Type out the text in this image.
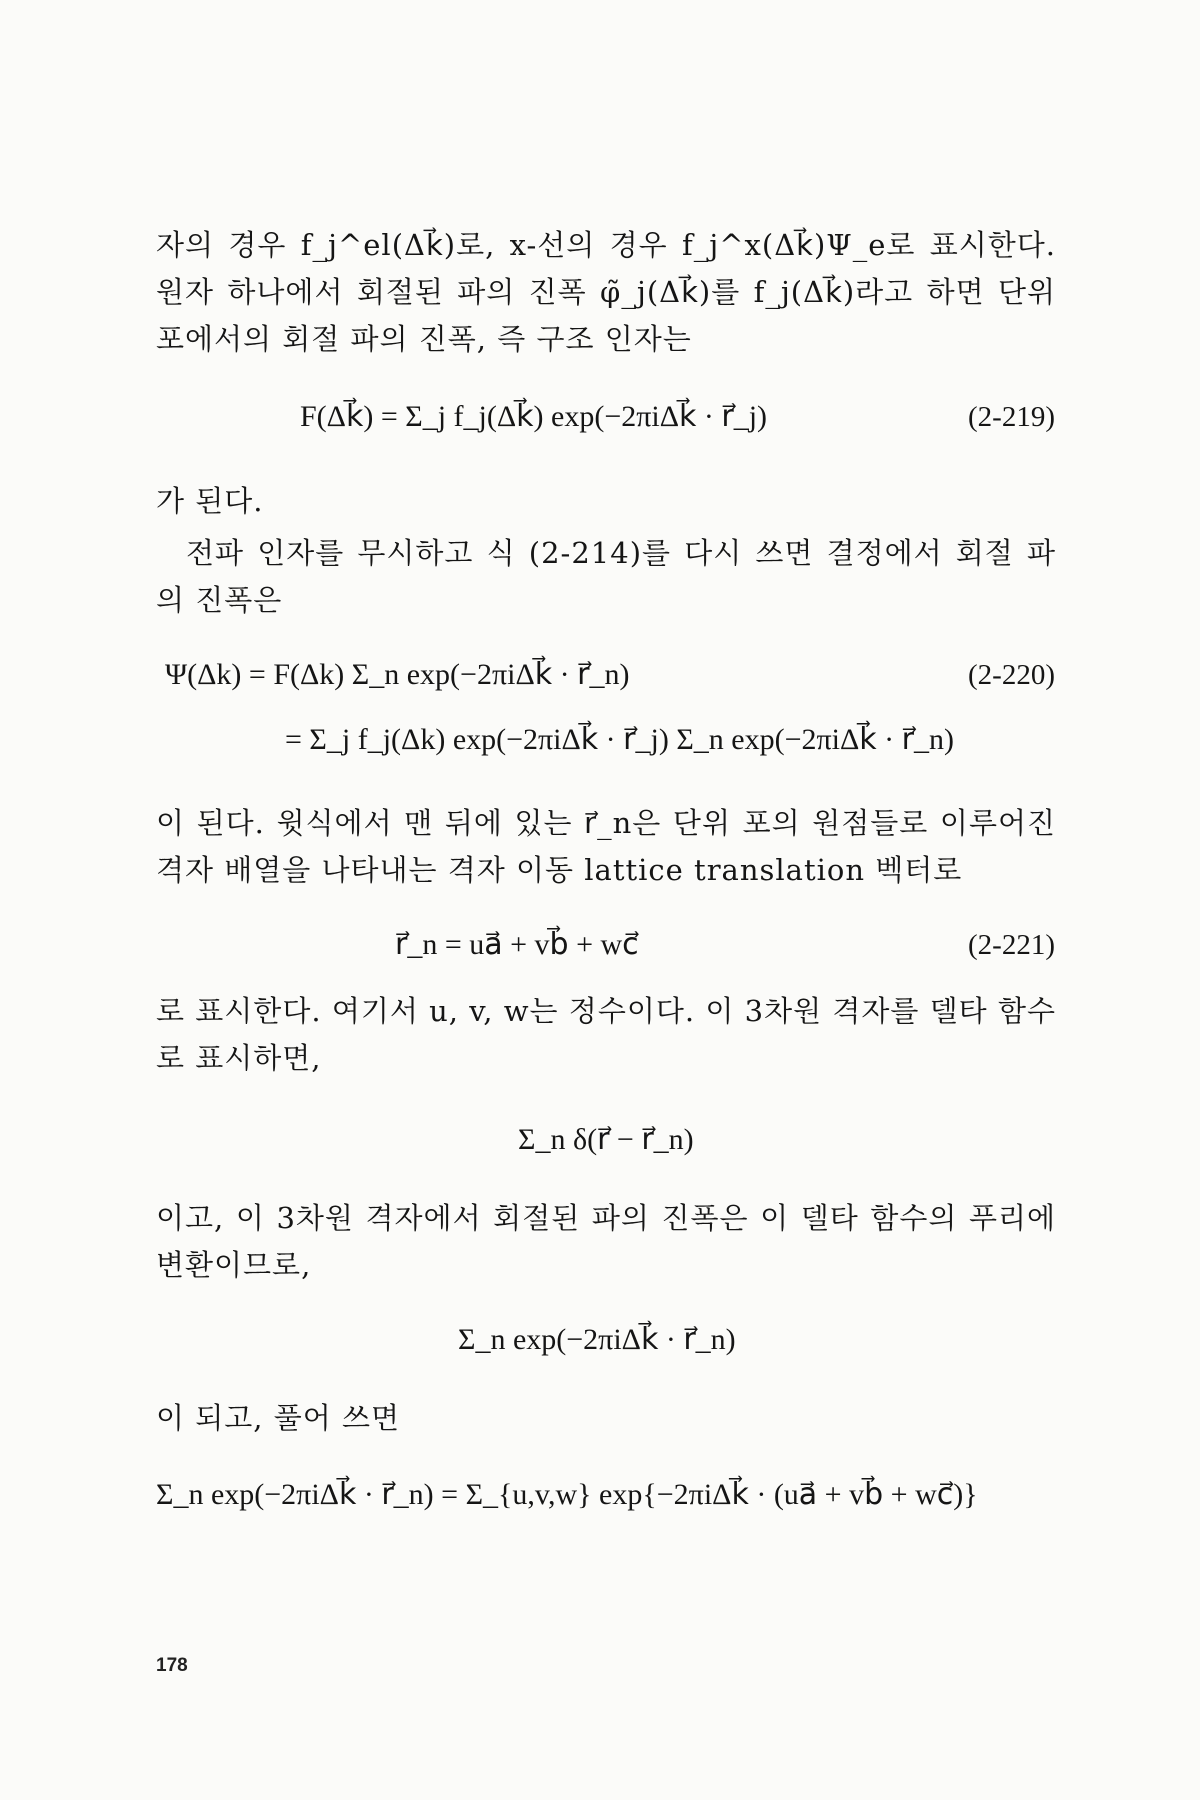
자의 경우 f_j^el(Δk⃗)로, x-선의 경우 f_j^x(Δk⃗)Ψ_e로 표시한다. 원자 하나에서 회절된 파의 진폭 φ̃_j(Δk⃗)를 f_j(Δk⃗)라고 하면 단위 포에서의 회절 파의 진폭, 즉 구조 인자는
F(Δk⃗) = Σ_j f_j(Δk⃗) exp(−2πiΔk⃗ · r⃗_j)	(2-219)
가 된다.
전파 인자를 무시하고 식 (2-214)를 다시 쓰면 결정에서 회절 파의 진폭은
Ψ(Δk) = F(Δk) Σ_n exp(−2πiΔk⃗ · r⃗_n)	(2-220)
= Σ_j f_j(Δk) exp(−2πiΔk⃗ · r⃗_j) Σ_n exp(−2πiΔk⃗ · r⃗_n)
이 된다. 윗식에서 맨 뒤에 있는 r⃗_n은 단위 포의 원점들로 이루어진 격자 배열을 나타내는 격자 이동 lattice translation 벡터로
r⃗_n = ua⃗ + vb⃗ + wc⃗	(2-221)
로 표시한다. 여기서 u, v, w는 정수이다. 이 3차원 격자를 델타 함수로 표시하면,
Σ_n δ(r⃗ − r⃗_n)
이고, 이 3차원 격자에서 회절된 파의 진폭은 이 델타 함수의 푸리에 변환이므로,
Σ_n exp(−2πiΔk⃗ · r⃗_n)
이 되고, 풀어 쓰면
Σ_n exp(−2πiΔk⃗ · r⃗_n) = Σ_{u,v,w} exp{−2πiΔk⃗ · (ua⃗ + vb⃗ + wc⃗)}
178
